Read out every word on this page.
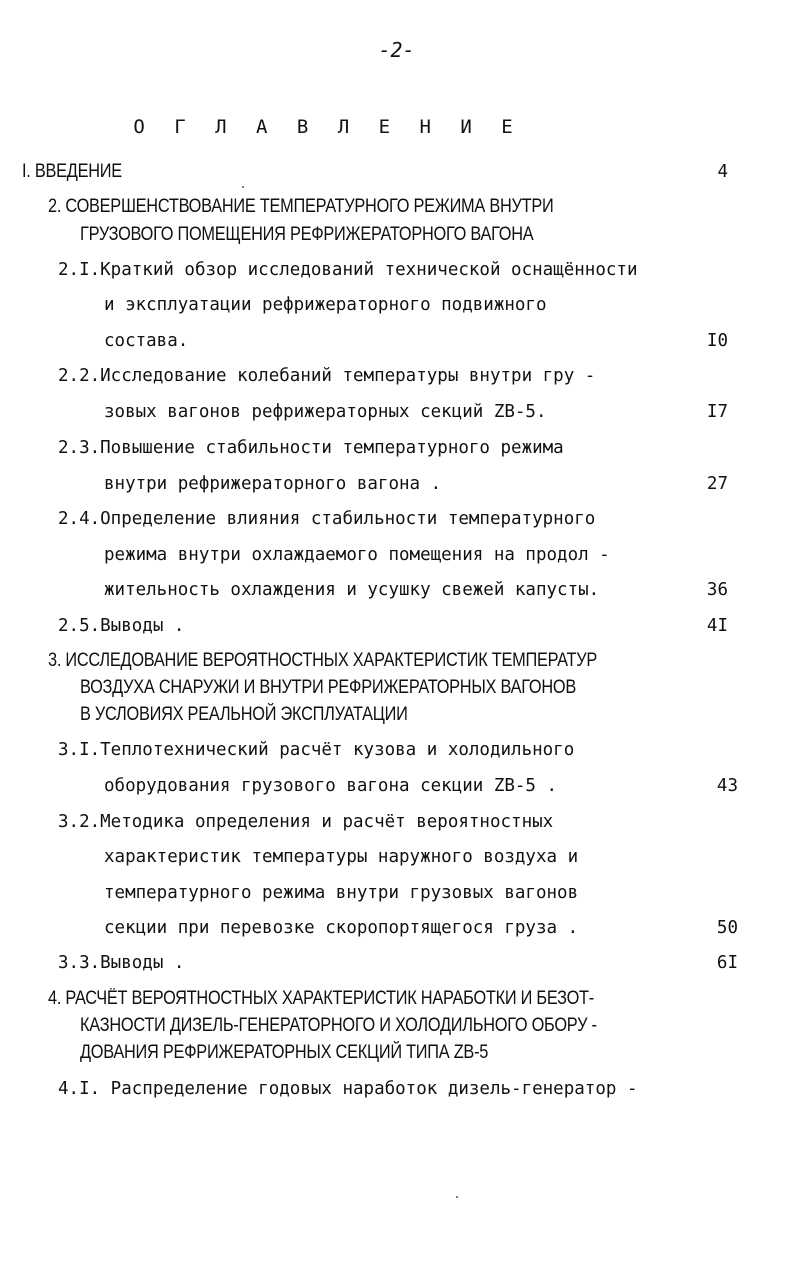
-2-
О Г Л А В Л Е Н И Е
I. ВВЕДЕНИЕ	4
2. СОВЕРШЕНСТВОВАНИЕ ТЕМПЕРАТУРНОГО РЕЖИМА ВНУТРИ
ГРУЗОВОГО ПОМЕЩЕНИЯ РЕФРИЖЕРАТОРНОГО ВАГОНА
2.I.Краткий обзор исследований технической оснащённости
и эксплуатации рефрижераторного подвижного
состава.	I0
2.2.Исследование колебаний температуры внутри гру -
зовых вагонов рефрижераторных секций ZВ-5.	I7
2.3.Повышение стабильности температурного режима
внутри рефрижераторного вагона .	27
2.4.Определение влияния стабильности температурного
режима внутри охлаждаемого помещения на продол -
жительность охлаждения и усушку свежей капусты.	36
2.5.Выводы .	4I
3. ИССЛЕДОВАНИЕ ВЕРОЯТНОСТНЫХ ХАРАКТЕРИСТИК ТЕМПЕРАТУР
ВОЗДУХА СНАРУЖИ И ВНУТРИ РЕФРИЖЕРАТОРНЫХ ВАГОНОВ
В УСЛОВИЯХ РЕАЛЬНОЙ ЭКСПЛУАТАЦИИ
3.I.Теплотехнический расчёт кузова и холодильного
оборудования грузового вагона секции ZВ-5 .	43
3.2.Методика определения и расчёт вероятностных
характеристик температуры наружного воздуха и
температурного режима внутри грузовых вагонов
секции при перевозке скоропортящегося груза .	50
3.3.Выводы .	6I
4. РАСЧЁТ ВЕРОЯТНОСТНЫХ ХАРАКТЕРИСТИК НАРАБОТКИ И БЕЗОТ-
КАЗНОСТИ ДИЗЕЛЬ-ГЕНЕРАТОРНОГО И ХОЛОДИЛЬНОГО ОБОРУ -
ДОВАНИЯ РЕФРИЖЕРАТОРНЫХ СЕКЦИЙ ТИПА ZВ-5
4.I. Распределение годовых наработок дизель-генератор -
